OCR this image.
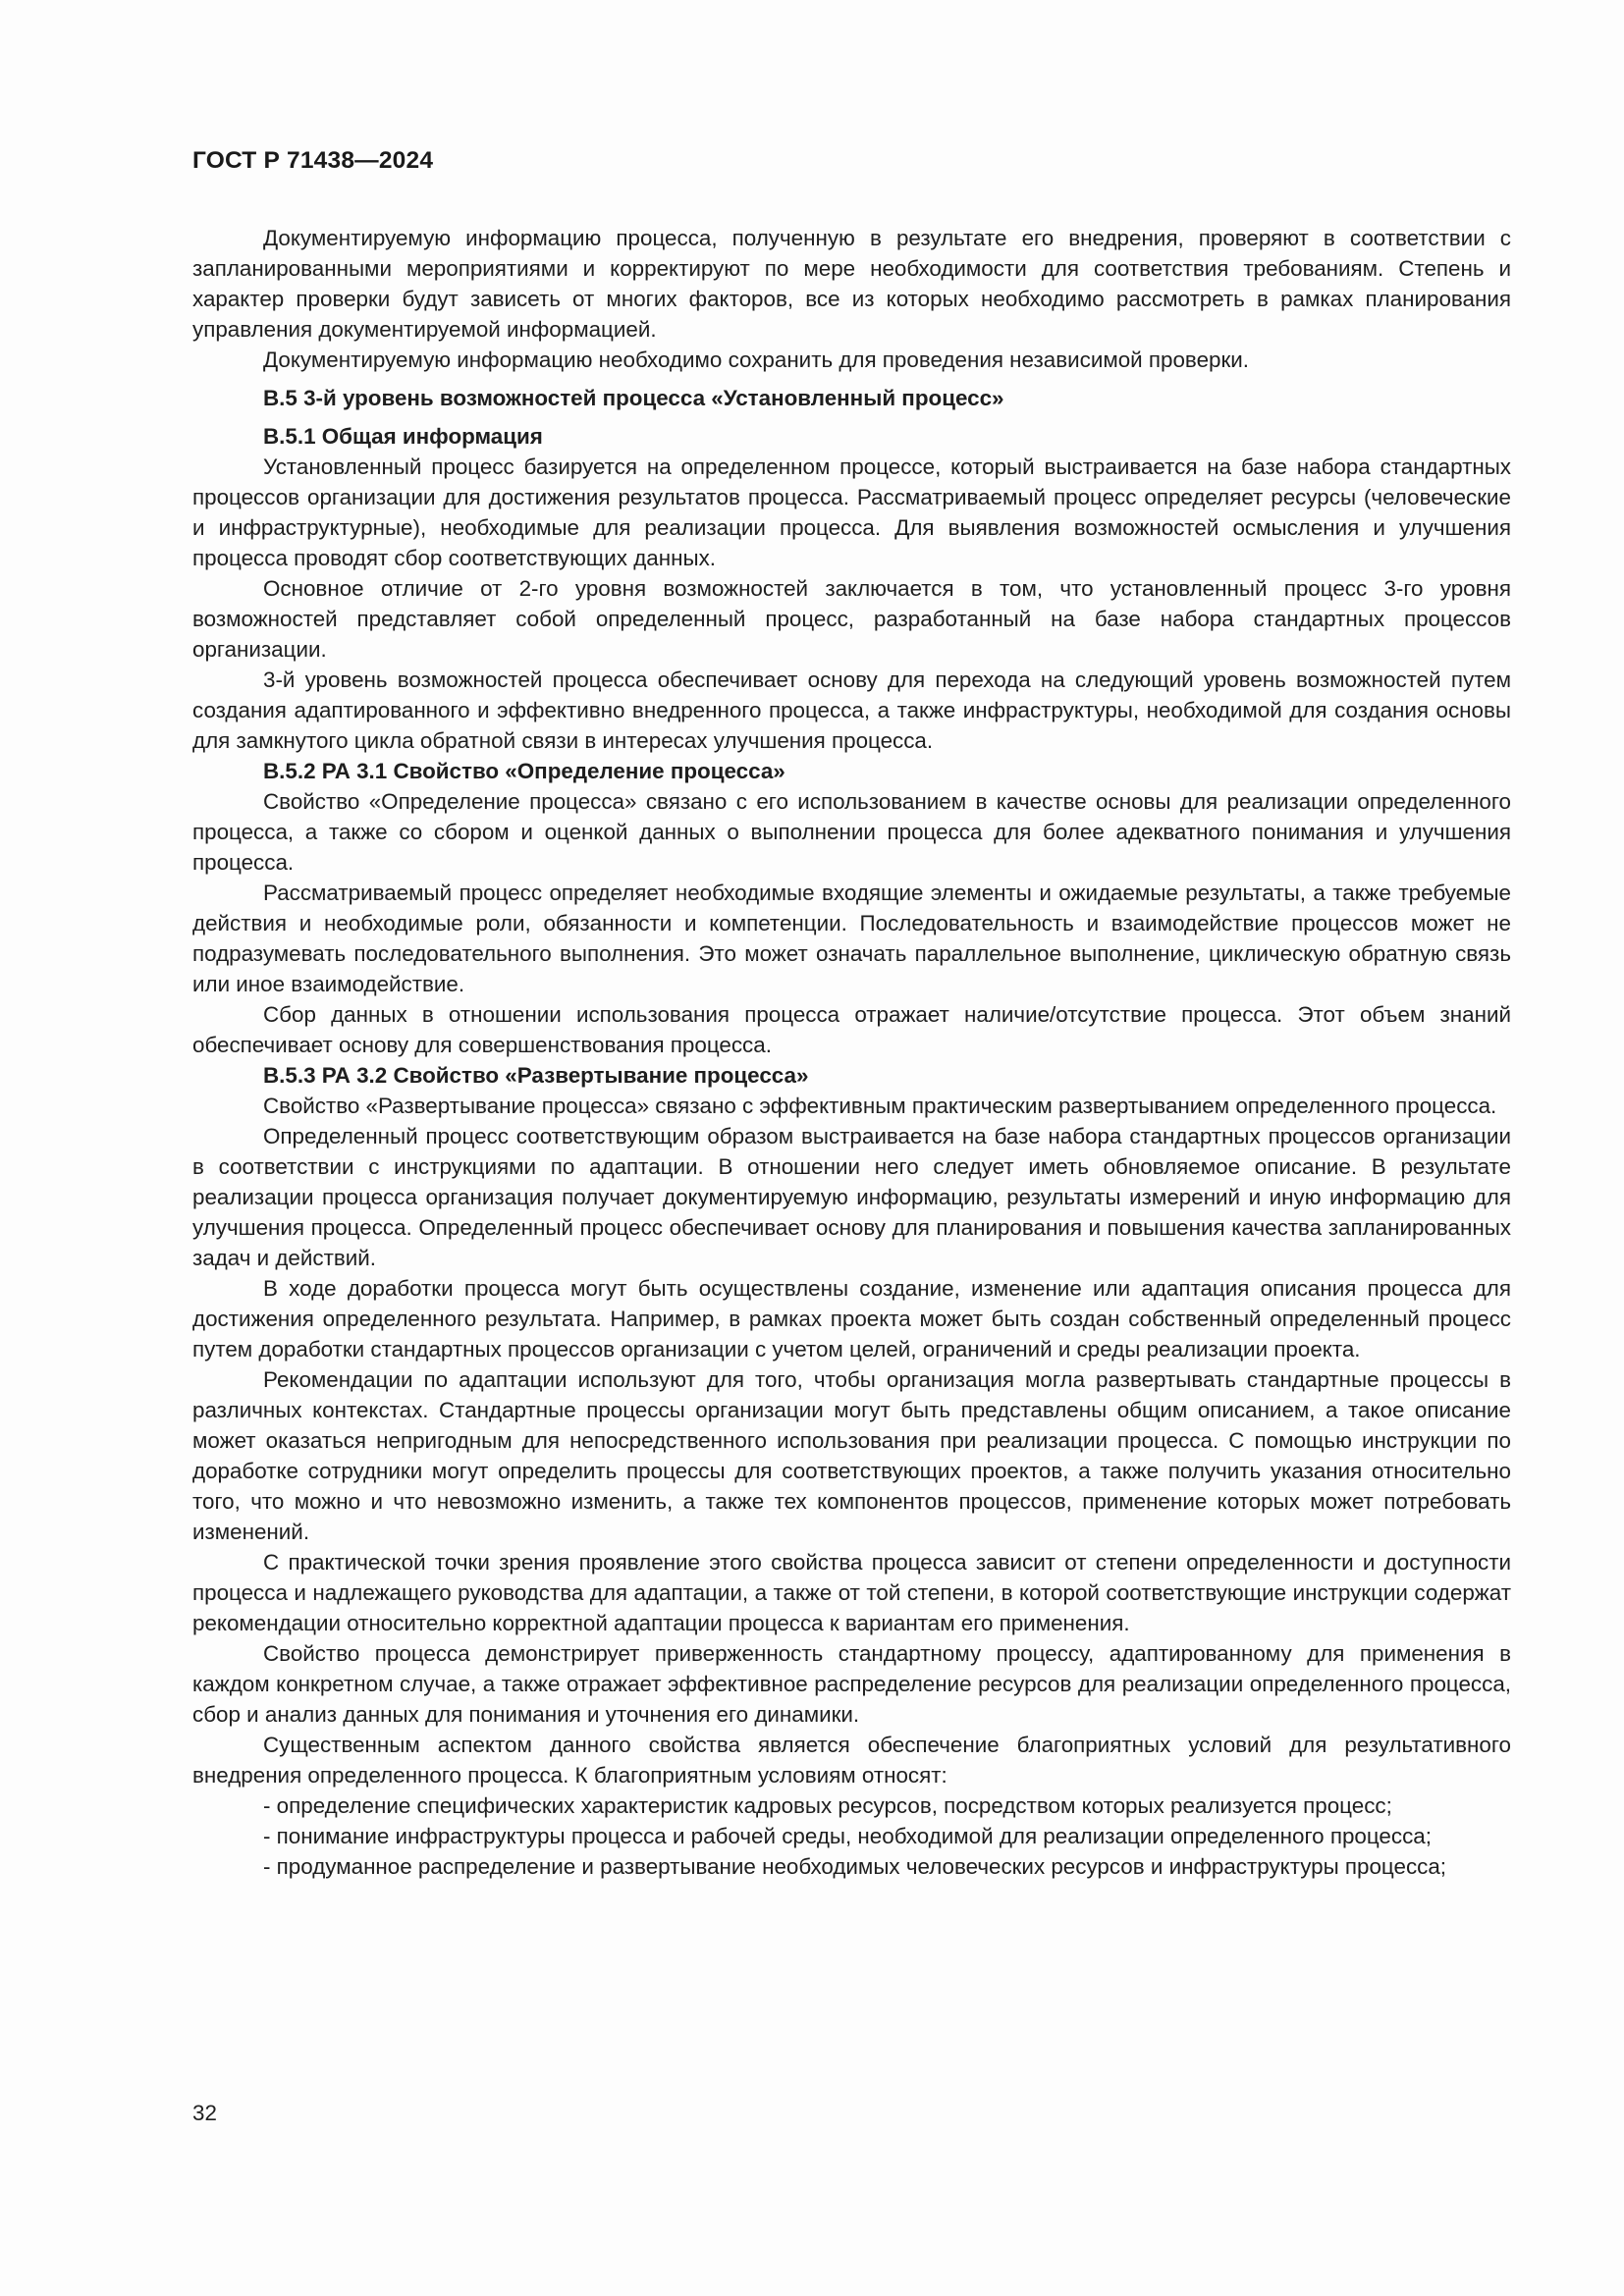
ГОСТ Р 71438—2024

Документируемую информацию процесса, полученную в результате его внедрения, проверяют в соответствии с запланированными мероприятиями и корректируют по мере необходимости для соответствия требованиям. Степень и характер проверки будут зависеть от многих факторов, все из которых необходимо рассмотреть в рамках планирования управления документируемой информацией.

Документируемую информацию необходимо сохранить для проведения независимой проверки.

В.5 3-й уровень возможностей процесса «Установленный процесс»
В.5.1 Общая информация

Установленный процесс базируется на определенном процессе, который выстраивается на базе набора стандартных процессов организации для достижения результатов процесса. Рассматриваемый процесс определяет ресурсы (человеческие и инфраструктурные), необходимые для реализации процесса. Для выявления возможностей осмысления и улучшения процесса проводят сбор соответствующих данных.

Основное отличие от 2-го уровня возможностей заключается в том, что установленный процесс 3-го уровня возможностей представляет собой определенный процесс, разработанный на базе набора стандартных процессов организации.

3-й уровень возможностей процесса обеспечивает основу для перехода на следующий уровень возможностей путем создания адаптированного и эффективно внедренного процесса, а также инфраструктуры, необходимой для создания основы для замкнутого цикла обратной связи в интересах улучшения процесса.

В.5.2 РА 3.1 Свойство «Определение процесса»

Свойство «Определение процесса» связано с его использованием в качестве основы для реализации определенного процесса, а также со сбором и оценкой данных о выполнении процесса для более адекватного понимания и улучшения процесса.

Рассматриваемый процесс определяет необходимые входящие элементы и ожидаемые результаты, а также требуемые действия и необходимые роли, обязанности и компетенции. Последовательность и взаимодействие процессов может не подразумевать последовательного выполнения. Это может означать параллельное выполнение, циклическую обратную связь или иное взаимодействие.

Сбор данных в отношении использования процесса отражает наличие/отсутствие процесса. Этот объем знаний обеспечивает основу для совершенствования процесса.

В.5.3 РА 3.2 Свойство «Развертывание процесса»

Свойство «Развертывание процесса» связано с эффективным практическим развертыванием определенного процесса.

Определенный процесс соответствующим образом выстраивается на базе набора стандартных процессов организации в соответствии с инструкциями по адаптации. В отношении него следует иметь обновляемое описание. В результате реализации процесса организация получает документируемую информацию, результаты измерений и иную информацию для улучшения процесса. Определенный процесс обеспечивает основу для планирования и повышения качества запланированных задач и действий.

В ходе доработки процесса могут быть осуществлены создание, изменение или адаптация описания процесса для достижения определенного результата. Например, в рамках проекта может быть создан собственный определенный процесс путем доработки стандартных процессов организации с учетом целей, ограничений и среды реализации проекта.

Рекомендации по адаптации используют для того, чтобы организация могла развертывать стандартные процессы в различных контекстах. Стандартные процессы организации могут быть представлены общим описанием, а такое описание может оказаться непригодным для непосредственного использования при реализации процесса. С помощью инструкции по доработке сотрудники могут определить процессы для соответствующих проектов, а также получить указания относительно того, что можно и что невозможно изменить, а также тех компонентов процессов, применение которых может потребовать изменений.

С практической точки зрения проявление этого свойства процесса зависит от степени определенности и доступности процесса и надлежащего руководства для адаптации, а также от той степени, в которой соответствующие инструкции содержат рекомендации относительно корректной адаптации процесса к вариантам его применения.

Свойство процесса демонстрирует приверженность стандартному процессу, адаптированному для применения в каждом конкретном случае, а также отражает эффективное распределение ресурсов для реализации определенного процесса, сбор и анализ данных для понимания и уточнения его динамики.

Существенным аспектом данного свойства является обеспечение благоприятных условий для результативного внедрения определенного процесса. К благоприятным условиям относят:

- определение специфических характеристик кадровых ресурсов, посредством которых реализуется процесс;

- понимание инфраструктуры процесса и рабочей среды, необходимой для реализации определенного процесса;

- продуманное распределение и развертывание необходимых человеческих ресурсов и инфраструктуры процесса;

32
